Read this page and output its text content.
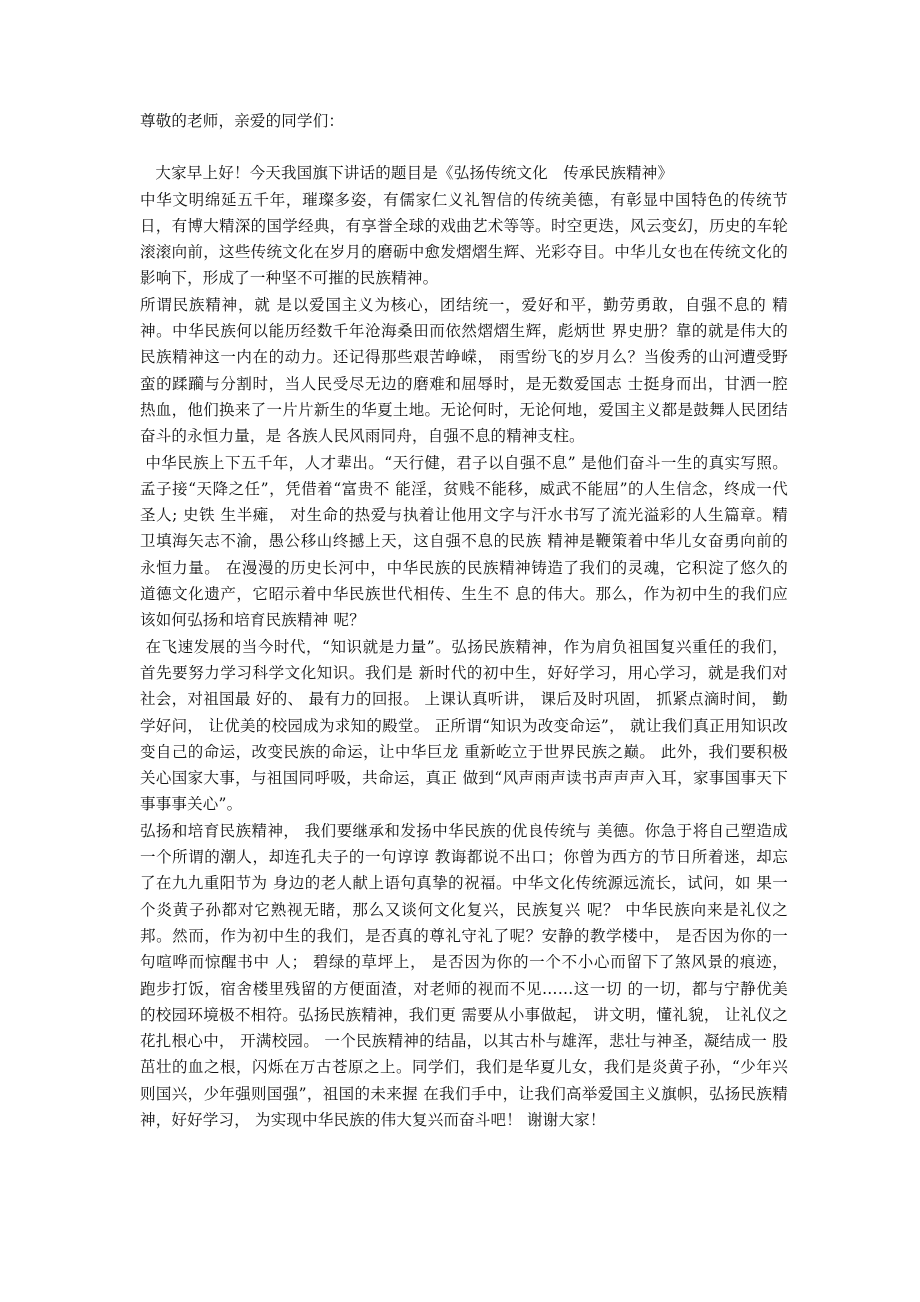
尊敬的老师，亲爱的同学们：

大家早上好！今天我国旗下讲话的题目是《弘扬传统文化   传承民族精神》

中华文明绵延五千年，璀璨多姿，有儒家仁义礼智信的传统美德，有彰显中国特色的传统节日，有博大精深的国学经典，有享誉全球的戏曲艺术等等。时空更迭，风云变幻，历史的车轮滚滚向前，这些传统文化在岁月的磨砺中愈发熠熠生辉、光彩夺目。中华儿女也在传统文化的影响下，形成了一种坚不可摧的民族精神。

所谓民族精神，就 是以爱国主义为核心，团结统一，爱好和平，勤劳勇敢，自强不息的 精神。中华民族何以能历经数千年沧海桑田而依然熠熠生辉，彪炳世 界史册？靠的就是伟大的民族精神这一内在的动力。还记得那些艰苦峥嵘， 雨雪纷飞的岁月么？当俊秀的山河遭受野 蛮的蹂躏与分割时，当人民受尽无边的磨难和屈辱时，是无数爱国志 士挺身而出，甘洒一腔热血，他们换来了一片片新生的华夏土地。无论何时，无论何地，爱国主义都是鼓舞人民团结奋斗的永恒力量，是 各族人民风雨同舟，自强不息的精神支柱。

中华民族上下五千年，人才辈出。“天行健，君子以自强不息” 是他们奋斗一生的真实写照。孟子接“天降之任”，凭借着“富贵不 能淫，贫贱不能移，威武不能屈”的人生信念，终成一代圣人; 史铁 生半瘫， 对生命的热爱与执着让他用文字与汗水书写了流光溢彩的人生篇章。精卫填海矢志不渝，愚公移山终撼上天，这自强不息的民族 精神是鞭策着中华儿女奋勇向前的永恒力量。 在漫漫的历史长河中，中华民族的民族精神铸造了我们的灵魂，它积淀了悠久的道德文化遗产，它昭示着中华民族世代相传、生生不 息的伟大。那么，作为初中生的我们应该如何弘扬和培育民族精神 呢？

在飞速发展的当今时代，“知识就是力量”。弘扬民族精神，作为肩负祖国复兴重任的我们，首先要努力学习科学文化知识。我们是 新时代的初中生，好好学习，用心学习，就是我们对社会，对祖国最 好的、 最有力的回报。 上课认真听讲， 课后及时巩固， 抓紧点滴时间， 勤学好问， 让优美的校园成为求知的殿堂。 正所谓“知识为改变命运”， 就让我们真正用知识改变自己的命运，改变民族的命运，让中华巨龙 重新屹立于世界民族之巅。 此外，我们要积极关心国家大事，与祖国同呼吸，共命运，真正 做到“风声雨声读书声声声入耳，家事国事天下事事事关心”。

弘扬和培育民族精神， 我们要继承和发扬中华民族的优良传统与 美德。你急于将自己塑造成一个所谓的潮人，却连孔夫子的一句谆谆 教诲都说不出口；你曾为西方的节日所着迷，却忘了在九九重阳节为 身边的老人献上语句真挚的祝福。中华文化传统源远流长，试问，如 果一个炎黄子孙都对它熟视无睹，那么又谈何文化复兴，民族复兴 呢？ 中华民族向来是礼仪之邦。然而，作为初中生的我们，是否真的尊礼守礼了呢？安静的教学楼中， 是否因为你的一句喧哗而惊醒书中 人； 碧绿的草坪上， 是否因为你的一个不小心而留下了煞风景的痕迹， 跑步打饭，宿舍楼里残留的方便面渣，对老师的视而不见……这一切 的一切，都与宁静优美的校园环境极不相符。弘扬民族精神，我们更 需要从小事做起， 讲文明，懂礼貌， 让礼仪之花扎根心中， 开满校园。 一个民族精神的结晶，以其古朴与雄浑，悲壮与神圣，凝结成一 股茁壮的血之根，闪烁在万古苍原之上。同学们，我们是华夏儿女，我们是炎黄子孙，“少年兴则国兴，少年强则国强”，祖国的未来握 在我们手中，让我们高举爱国主义旗帜，弘扬民族精神，好好学习， 为实现中华民族的伟大复兴而奋斗吧！ 谢谢大家！
